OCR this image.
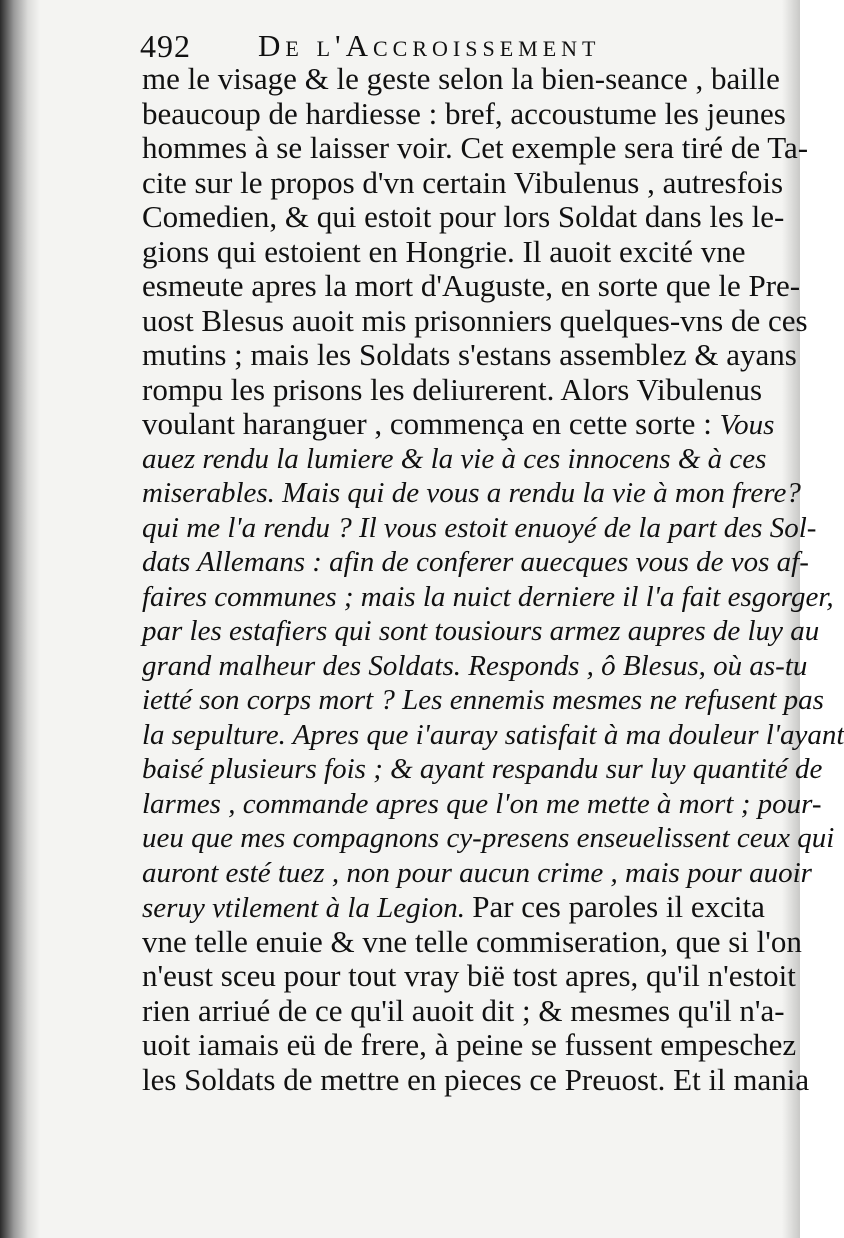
492 De l'Accroissement
me le visage & le geste selon la bien-seance , baille
beaucoup de hardiesse : bref, accoustume les jeunes
hommes à se laisser voir. Cet exemple sera tiré de Ta-
cite sur le propos d'vn certain Vibulenus , autresfois
Comedien, & qui estoit pour lors Soldat dans les le-
gions qui estoient en Hongrie. Il auoit excité vne
esmeute apres la mort d'Auguste, en sorte que le Pre-
uost Blesus auoit mis prisonniers quelques-vns de ces
mutins ; mais les Soldats s'estans assemblez & ayans
rompu les prisons les deliurerent. Alors Vibulenus
voulant haranguer , commença en cette sorte : Vous
auez rendu la lumiere & la vie à ces innocens & à ces
miserables. Mais qui de vous a rendu la vie à mon frere?
qui me l'a rendu ? Il vous estoit enuoyé de la part des Sol-
dats Allemans : afin de conferer auecques vous de vos af-
faires communes ; mais la nuict derniere il l'a fait esgorger,
par les estafiers qui sont tousiours armez aupres de luy au
grand malheur des Soldats. Responds , ô Blesus, où as-tu
ietté son corps mort ? Les ennemis mesmes ne refusent pas
la sepulture. Apres que i'auray satisfait à ma douleur l'ayant
baisé plusieurs fois ; & ayant respandu sur luy quantité de
larmes , commande apres que l'on me mette à mort ; pour-
ueu que mes compagnons cy-presens enseuelissent ceux qui
auront esté tuez , non pour aucun crime , mais pour auoir
seruy vtilement à la Legion. Par ces paroles il excita
vne telle enuie & vne telle commiseration, que si l'on
n'eust sceu pour tout vray bië tost apres, qu'il n'estoit
rien arriué de ce qu'il auoit dit ; & mesmes qu'il n'a-
uoit iamais eü de frere, à peine se fussent empeschez
les Soldats de mettre en pieces ce Preuost. Et il mania
